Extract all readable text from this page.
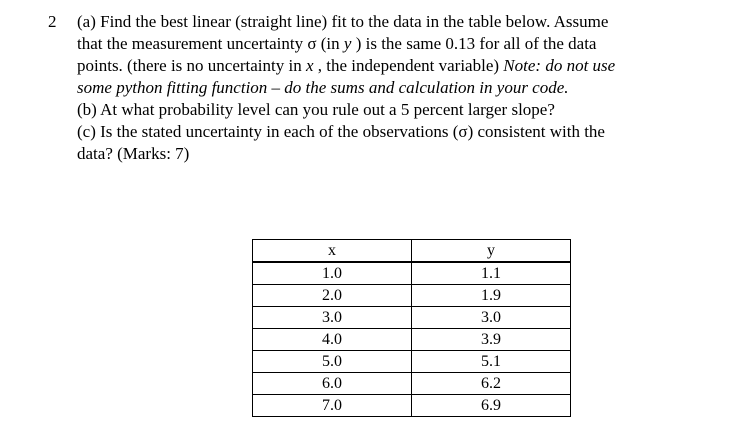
2 (a) Find the best linear (straight line) fit to the data in the table below. Assume
that the measurement uncertainty σ (in y ) is the same 0.13 for all of the data
points. (there is no uncertainty in x , the independent variable) Note: do not use
some python fitting function – do the sums and calculation in your code.
(b) At what probability level can you rule out a 5 percent larger slope?
(c) Is the stated uncertainty in each of the observations (σ) consistent with the
data? (Marks: 7)
x	y
1.0	1.1
2.0	1.9
3.0	3.0
4.0	3.9
5.0	5.1
6.0	6.2
7.0	6.9
